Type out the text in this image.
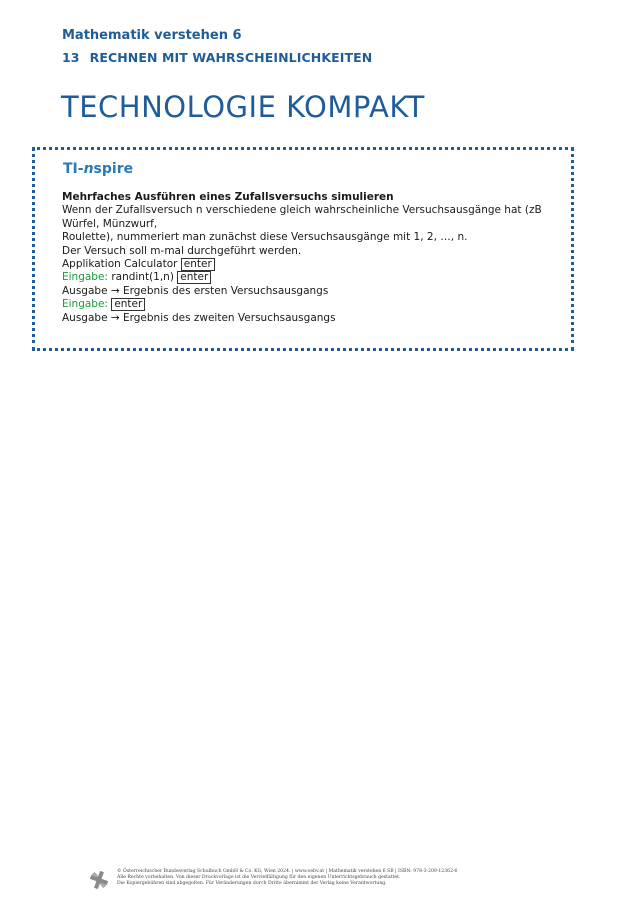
Mathematik verstehen 6
13 RECHNEN MIT WAHRSCHEINLICHKEITEN
TECHNOLOGIE KOMPAKT
TI-nspire
Mehrfaches Ausführen eines Zufallsversuchs simulieren
Wenn der Zufallsversuch n verschiedene gleich wahrscheinliche Versuchsausgänge hat (zB Würfel, Münzwurf,
Roulette), nummeriert man zunächst diese Versuchsausgänge mit 1, 2, …, n.
Der Versuch soll m-mal durchgeführt werden.
Applikation Calculator enter
Eingabe: randint(1,n) enter
Ausgabe → Ergebnis des ersten Versuchsausgangs
Eingabe: enter
Ausgabe → Ergebnis des zweiten Versuchsausgangs
© Österreichischer Bundesverlag Schulbuch GmbH & Co. KG, Wien 2024. | www.oebv.at | Mathematik verstehen 6 SB | ISBN: 978-3-209-12362-6
Alle Rechte vorbehalten. Von dieser Druckvorlage ist die Vervielfältigung für den eigenen Unterrichtsgebrauch gestattet.
Die Kopiergebühren sind abgegolten. Für Veränderungen durch Dritte übernimmt der Verlag keine Verantwortung.
